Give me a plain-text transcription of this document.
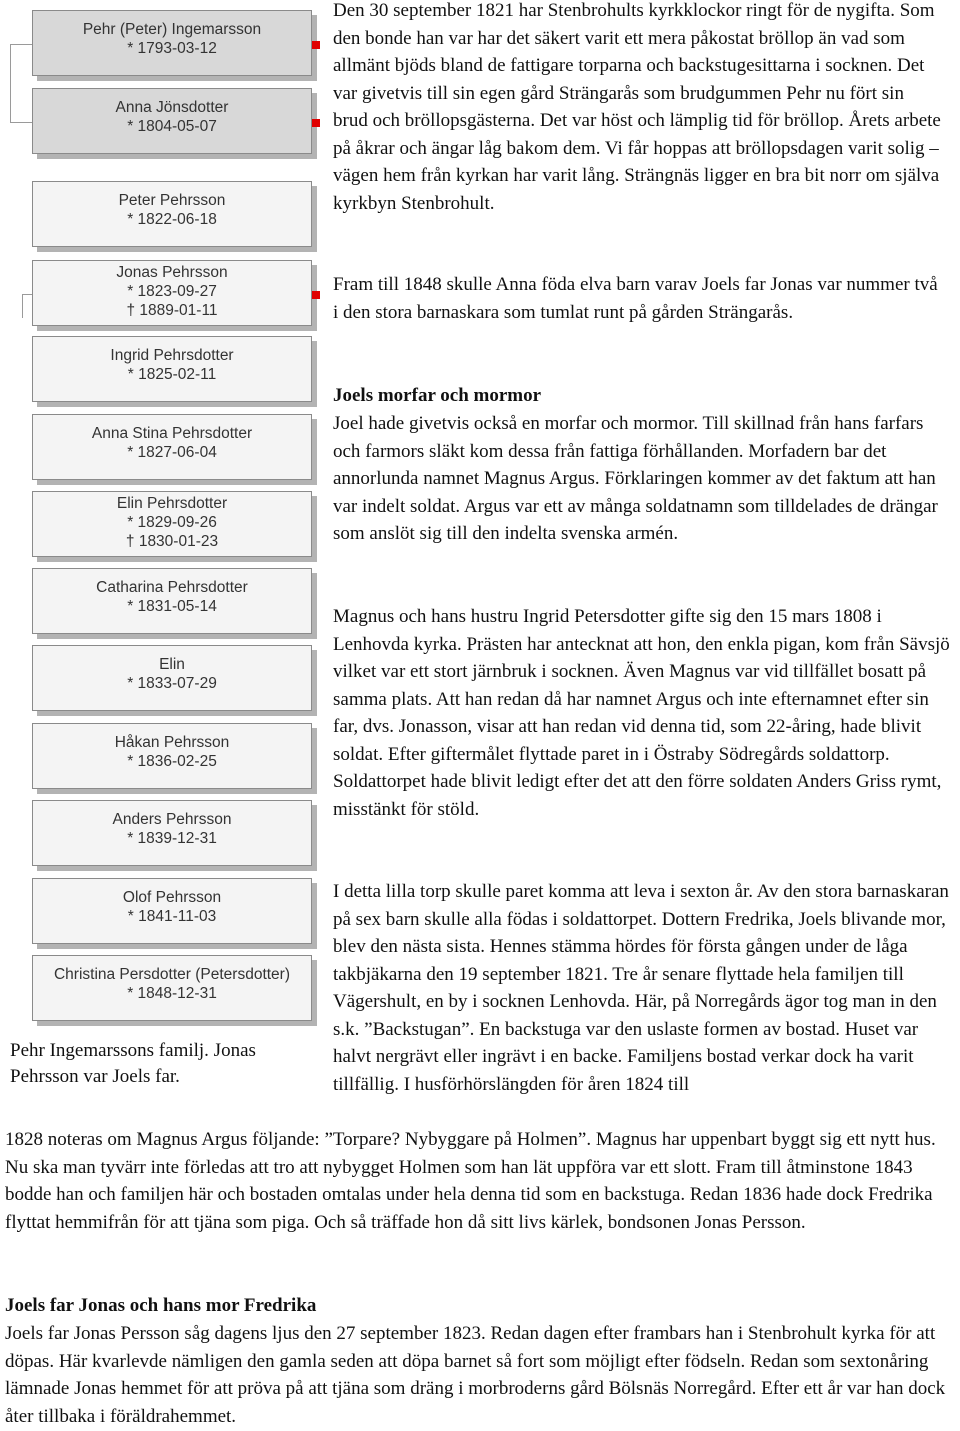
Pehr (Peter) Ingemarsson
* 1793-03-12
Anna Jönsdotter
* 1804-05-07
Peter Pehrsson
* 1822-06-18
Jonas Pehrsson
* 1823-09-27
† 1889-01-11
Ingrid Pehrsdotter
* 1825-02-11
Anna Stina Pehrsdotter
* 1827-06-04
Elin Pehrsdotter
* 1829-09-26
† 1830-01-23
Catharina Pehrsdotter
* 1831-05-14
Elin
* 1833-07-29
Håkan Pehrsson
* 1836-02-25
Anders Pehrsson
* 1839-12-31
Olof Pehrsson
* 1841-11-03
Christina Persdotter (Petersdotter)
* 1848-12-31
Pehr Ingemarssons familj. Jonas Pehrsson var Joels far.

Den 30 september 1821 har Stenbrohults kyrkklockor ringt för de nygifta. Som den bonde han var har det säkert varit ett mera påkostat bröllop än vad som allmänt bjöds bland de fattigare torparna och backstugesittarna i socknen. Det var givetvis till sin egen gård Strängarås som brudgummen Pehr nu fört sin brud och bröllopsgästerna. Det var höst och lämplig tid för bröllop. Årets arbete på åkrar och ängar låg bakom dem. Vi får hoppas att bröllopsdagen varit solig – vägen hem från kyrkan har varit lång. Strängnäs ligger en bra bit norr om själva kyrkbyn Stenbrohult.

Fram till 1848 skulle Anna föda elva barn varav Joels far Jonas var nummer två i den stora barnaskara som tumlat runt på gården Strängarås.

Joels morfar och mormor

Joel hade givetvis också en morfar och mormor. Till skillnad från hans farfars och farmors släkt kom dessa från fattiga förhållanden. Morfadern bar det annorlunda namnet Magnus Argus. Förklaringen kommer av det faktum att han var indelt soldat. Argus var ett av många soldatnamn som tilldelades de drängar som anslöt sig till den indelta svenska armén.

Magnus och hans hustru Ingrid Petersdotter gifte sig den 15 mars 1808 i Lenhovda kyrka. Prästen har antecknat att hon, den enkla pigan, kom från Sävsjö vilket var ett stort järnbruk i socknen. Även Magnus var vid tillfället bosatt på samma plats. Att han redan då har namnet Argus och inte efternamnet efter sin far, dvs. Jonasson, visar att han redan vid denna tid, som 22-åring, hade blivit soldat. Efter giftermålet flyttade paret in i Östraby Södregårds soldattorp. Soldattorpet hade blivit ledigt efter det att den förre soldaten Anders Griss rymt, misstänkt för stöld.

I detta lilla torp skulle paret komma att leva i sexton år. Av den stora barnaskaran på sex barn skulle alla födas i soldattorpet. Dottern Fredrika, Joels blivande mor, blev den nästa sista. Hennes stämma hördes för första gången under de låga takbjäkarna den 19 september 1821. Tre år senare flyttade hela familjen till Vägershult, en by i socknen Lenhovda. Här, på Norregårds ägor tog man in den s.k. ”Backstugan”. En backstuga var den uslaste formen av bostad. Huset var halvt nergrävt eller ingrävt i en backe. Familjens bostad verkar dock ha varit tillfällig. I husförhörslängden för åren 1824 till

1828 noteras om Magnus Argus följande: ”Torpare? Nybyggare på Holmen”. Magnus har uppenbart byggt sig ett nytt hus. Nu ska man tyvärr inte förledas att tro att nybygget Holmen som han lät uppföra var ett slott. Fram till åtminstone 1843 bodde han och familjen här och bostaden omtalas under hela denna tid som en backstuga. Redan 1836 hade dock Fredrika flyttat hemmifrån för att tjäna som piga. Och så träffade hon då sitt livs kärlek, bondsonen Jonas Persson.

Joels far Jonas och hans mor Fredrika

Joels far Jonas Persson såg dagens ljus den 27 september 1823. Redan dagen efter frambars han i Stenbrohult kyrka för att döpas. Här kvarlevde nämligen den gamla seden att döpa barnet så fort som möjligt efter födseln. Redan som sextonåring lämnade Jonas hemmet för att pröva på att tjäna som dräng i morbroderns gård Bölsnäs Norregård. Efter ett år var han dock åter tillbaka i föräldrahemmet.
